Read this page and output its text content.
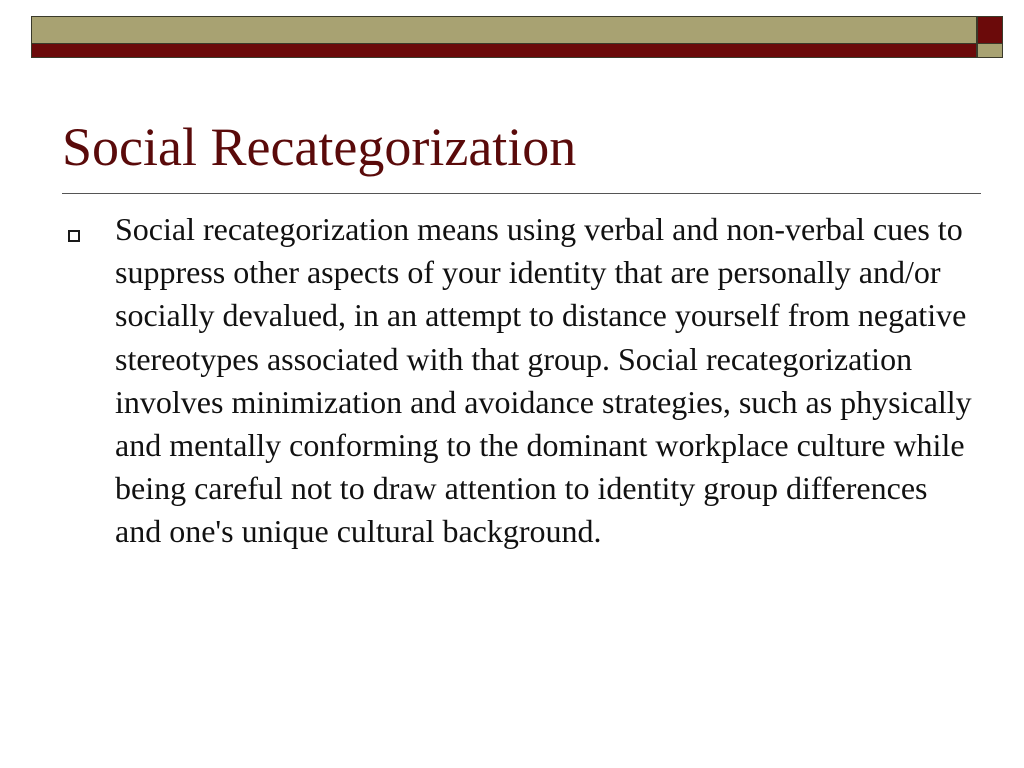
Social Recategorization
Social recategorization means using verbal and non-verbal cues to suppress other aspects of your identity that are personally and/or socially devalued, in an attempt to distance yourself from negative stereotypes associated with that group. Social recategorization involves minimization and avoidance strategies, such as physically and mentally conforming to the dominant workplace culture while being careful not to draw attention to identity group differences and one's unique cultural background.
